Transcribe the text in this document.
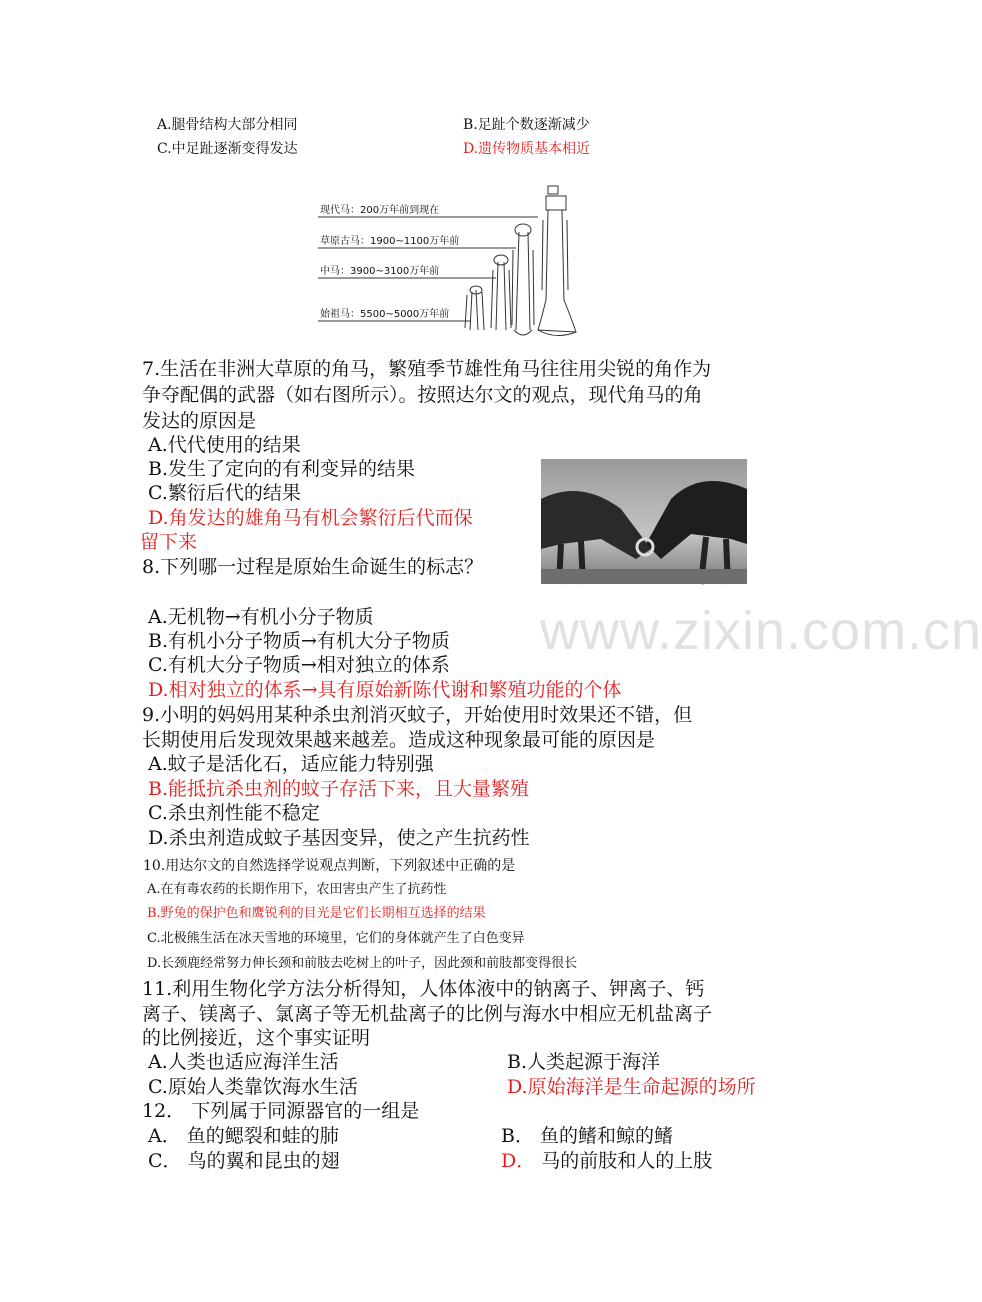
A.腿骨结构大部分相同	B.足趾个数逐渐减少
C.中足趾逐渐变得发达	D.遗传物质基本相近
现代马：200万年前到现在
草原古马：1900~1100万年前
中马：3900~3100万年前
始祖马：5500~5000万年前
7.生活在非洲大草原的角马，繁殖季节雄性角马往往用尖锐的角作为
争夺配偶的武器（如右图所示）。按照达尔文的观点，现代角马的角
发达的原因是
A.代代使用的结果
B.发生了定向的有利变异的结果
C.繁衍后代的结果
D.角发达的雄角马有机会繁衍后代而保
留下来
8.下列哪一过程是原始生命诞生的标志？
A.无机物→有机小分子物质
B.有机小分子物质→有机大分子物质
C.有机大分子物质→相对独立的体系
D.相对独立的体系→具有原始新陈代谢和繁殖功能的个体
www.zixin.com.cn
9.小明的妈妈用某种杀虫剂消灭蚊子，开始使用时效果还不错，但
长期使用后发现效果越来越差。造成这种现象最可能的原因是
A.蚊子是活化石，适应能力特别强
B.能抵抗杀虫剂的蚊子存活下来，且大量繁殖
C.杀虫剂性能不稳定
D.杀虫剂造成蚊子基因变异，使之产生抗药性
10.用达尔文的自然选择学说观点判断，下列叙述中正确的是
A.在有毒农药的长期作用下，农田害虫产生了抗药性
B.野兔的保护色和鹰锐利的目光是它们长期相互选择的结果
C.北极熊生活在冰天雪地的环境里，它们的身体就产生了白色变异
D.长颈鹿经常努力伸长颈和前肢去吃树上的叶子，因此颈和前肢都变得很长
11.利用生物化学方法分析得知，人体体液中的钠离子、钾离子、钙
离子、镁离子、氯离子等无机盐离子的比例与海水中相应无机盐离子
的比例接近，这个事实证明
A.人类也适应海洋生活	B.人类起源于海洋
C.原始人类靠饮海水生活	D.原始海洋是生命起源的场所
12． 下列属于同源器官的一组是
A． 鱼的鳃裂和蛙的肺	B． 鱼的鳍和鲸的鳍
C． 鸟的翼和昆虫的翅	D． 马的前肢和人的上肢
